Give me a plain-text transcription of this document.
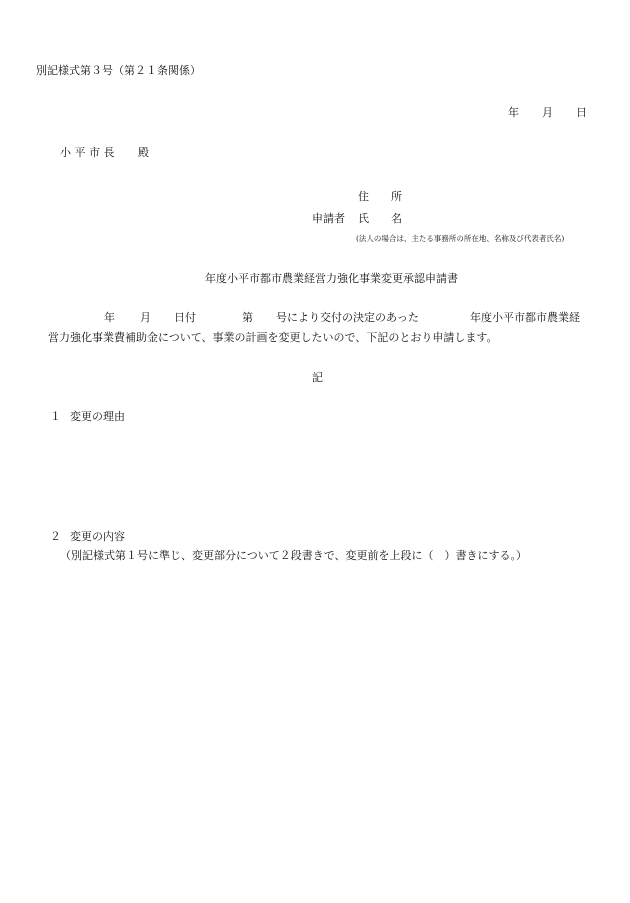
別記様式第３号（第２１条関係）
年 月 日
小 平 市 長 殿
住　　所
申請者 氏　　名
(法人の場合は、主たる事務所の所在地、名称及び代表者氏名)
年度小平市都市農業経営力強化事業変更承認申請書
年 月 日付	第 号により交付の決定のあった	年度小平市都市農業経
営力強化事業費補助金について、事業の計画を変更したいので、下記のとおり申請します。
記
１ 変更の理由
２ 変更の内容
（別記様式第１号に準じ、変更部分について２段書きで、変更前を上段に（　）書きにする。）
